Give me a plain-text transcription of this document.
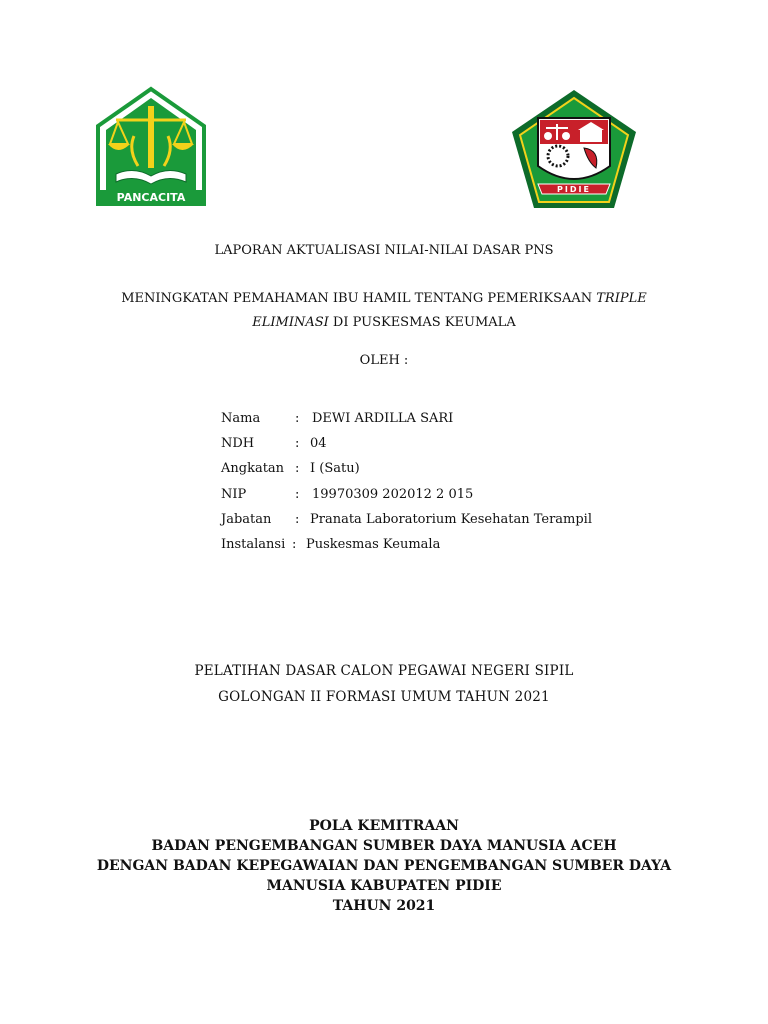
PANCACITA
PIDIE
LAPORAN AKTUALISASI NILAI-NILAI DASAR PNS
MENINGKATAN PEMAHAMAN IBU HAMIL TENTANG PEMERIKSAAN TRIPLE
ELIMINASI DI PUSKESMAS KEUMALA
OLEH :
Nama	: DEWI ARDILLA SARI
NDH	: 04
Angkatan : I (Satu)
NIP	: 19970309 202012 2 015
Jabatan : Pranata Laboratorium Kesehatan Terampil
Instalansi : Puskesmas Keumala
PELATIHAN DASAR CALON PEGAWAI NEGERI SIPIL
GOLONGAN II FORMASI UMUM TAHUN 2021
POLA KEMITRAAN
BADAN PENGEMBANGAN SUMBER DAYA MANUSIA ACEH
DENGAN BADAN KEPEGAWAIAN DAN PENGEMBANGAN SUMBER DAYA
MANUSIA KABUPATEN PIDIE
TAHUN 2021
